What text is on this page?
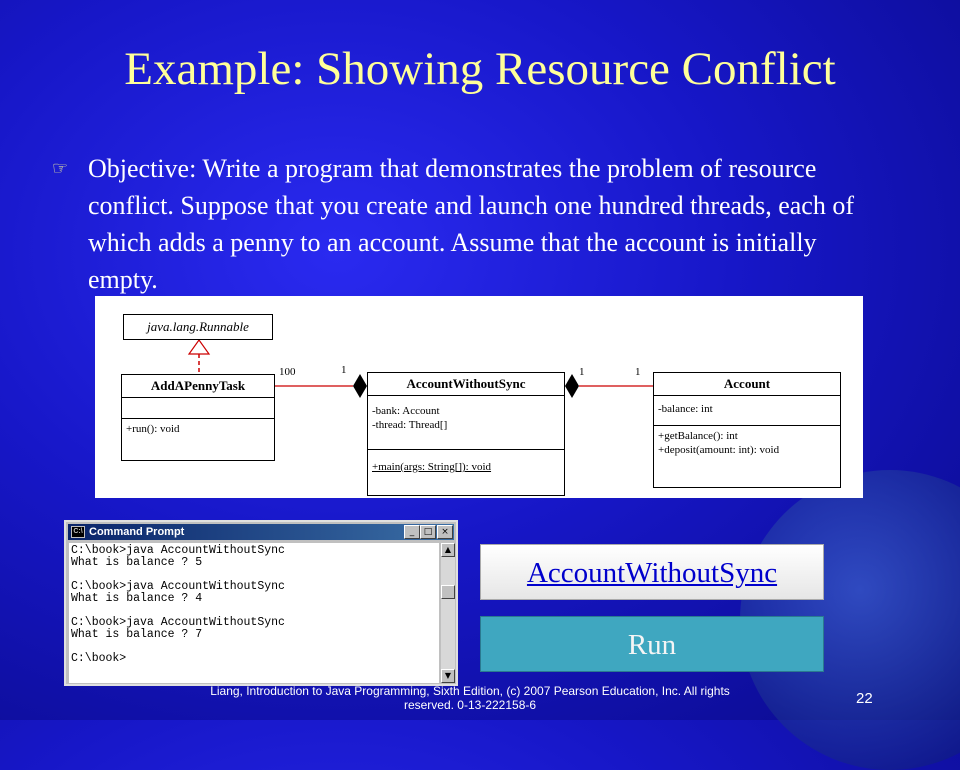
Example: Showing Resource Conflict
☞ Objective: Write a program that demonstrates the problem of resource conflict. Suppose that you create and launch one hundred threads, each of which adds a penny to an account. Assume that the account is initially empty.
java.lang.Runnable
AddAPennyTask
+run(): void
AccountWithoutSync
-bank: Account
-thread: Thread[]
+main(args: String[]): void
Account
-balance: int
+getBalance(): int
+deposit(amount: int): void
100	1	1	1
C:\ Command Prompt	_	□ ×
C:\book>java AccountWithoutSync
What is balance ? 5

C:\book>java AccountWithoutSync
What is balance ? 4

C:\book>java AccountWithoutSync
What is balance ? 7

C:\book>
▲
▼
AccountWithoutSync
Run
Liang, Introduction to Java Programming, Sixth Edition, (c) 2007 Pearson Education, Inc. All rights reserved. 0-13-222158-6	22
